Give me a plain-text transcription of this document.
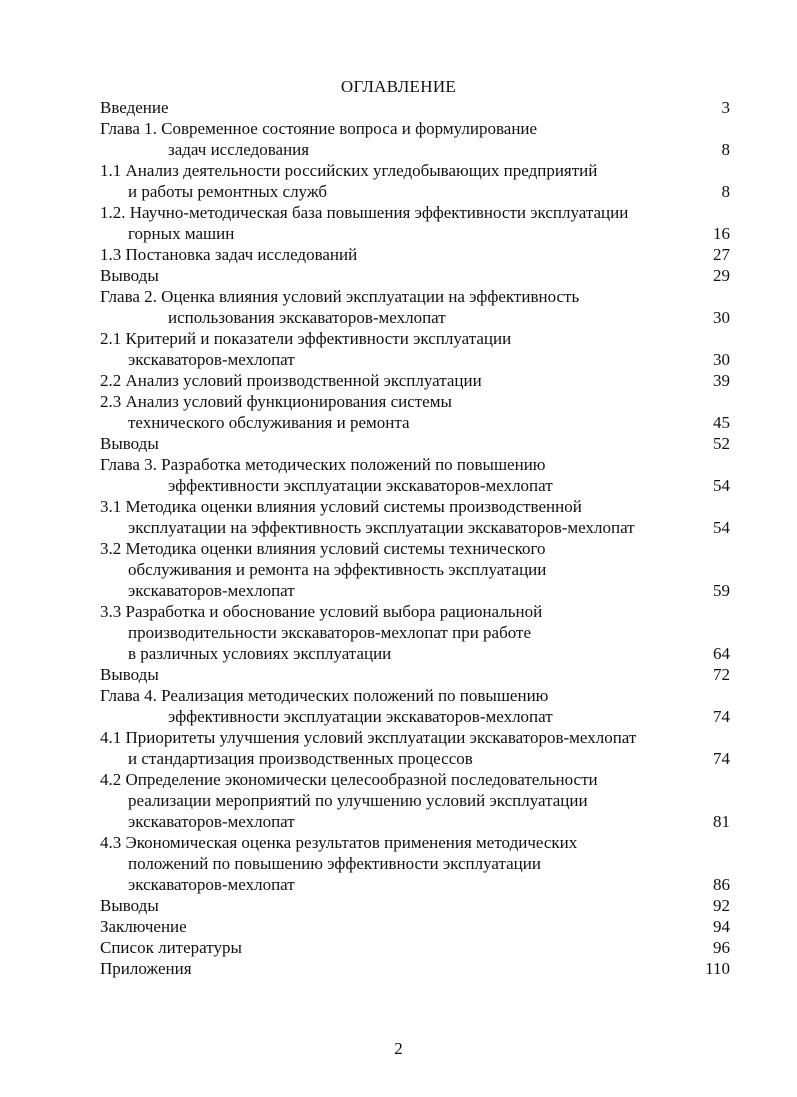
ОГЛАВЛЕНИЕ
Введение	3
Глава 1. Современное состояние вопроса и формулирование
задач исследования	8
1.1 Анализ деятельности российских угледобывающих предприятий
и работы ремонтных служб	8
1.2. Научно-методическая база повышения эффективности эксплуатации
горных машин	16
1.3 Постановка задач исследований	27
Выводы	29
Глава 2. Оценка влияния условий эксплуатации на эффективность
использования экскаваторов-мехлопат	30
2.1 Критерий и показатели эффективности эксплуатации
экскаваторов-мехлопат	30
2.2 Анализ условий производственной эксплуатации	39
2.3 Анализ условий функционирования системы
технического обслуживания и ремонта	45
Выводы	52
Глава 3. Разработка методических положений по повышению
эффективности эксплуатации экскаваторов-мехлопат	54
3.1 Методика оценки влияния условий системы производственной
эксплуатации на эффективность эксплуатации экскаваторов-мехлопат	54
3.2 Методика оценки влияния условий системы технического
обслуживания и ремонта на эффективность эксплуатации
экскаваторов-мехлопат	59
3.3 Разработка и обоснование условий выбора рациональной
производительности экскаваторов-мехлопат при работе
в различных условиях эксплуатации	64
Выводы	72
Глава 4. Реализация методических положений по повышению
эффективности эксплуатации экскаваторов-мехлопат	74
4.1 Приоритеты улучшения условий эксплуатации экскаваторов-мехлопат
и стандартизация производственных процессов	74
4.2 Определение экономически целесообразной последовательности
реализации мероприятий по улучшению условий эксплуатации
экскаваторов-мехлопат	81
4.3 Экономическая оценка результатов применения методических
положений по повышению эффективности эксплуатации
экскаваторов-мехлопат	86
Выводы	92
Заключение	94
Список литературы	96
Приложения	110
2
